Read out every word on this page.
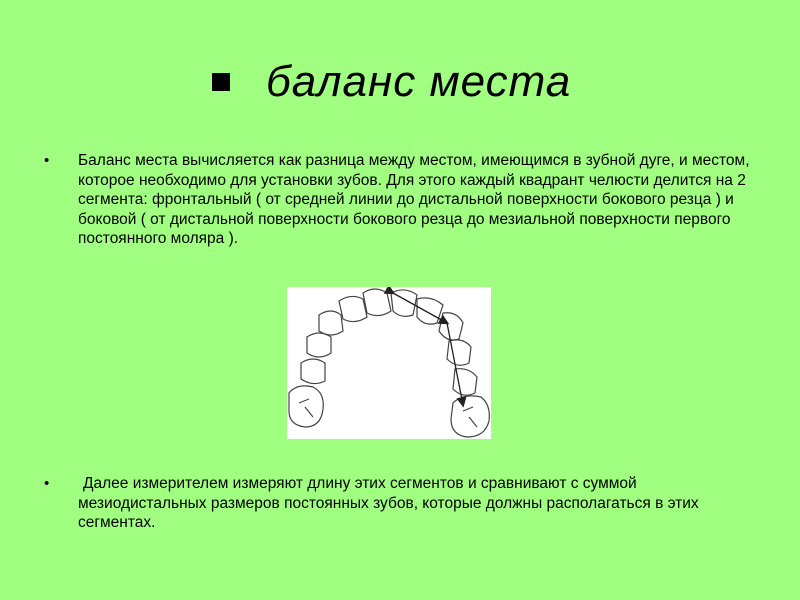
баланс места
• Баланс места вычисляется как разница между местом, имеющимся в зубной дуге, и местом, которое необходимо для установки зубов. Для этого каждый квадрант челюсти делится на 2 сегмента: фронтальный ( от средней линии до дистальной поверхности бокового резца ) и боковой ( от дистальной поверхности бокового резца до мезиальной поверхности первого постоянного моляра ).
• Далее измерителем измеряют длину этих сегментов и сравнивают с суммой мезиодистальных размеров постоянных зубов, которые должны располагаться в этих сегментах.
